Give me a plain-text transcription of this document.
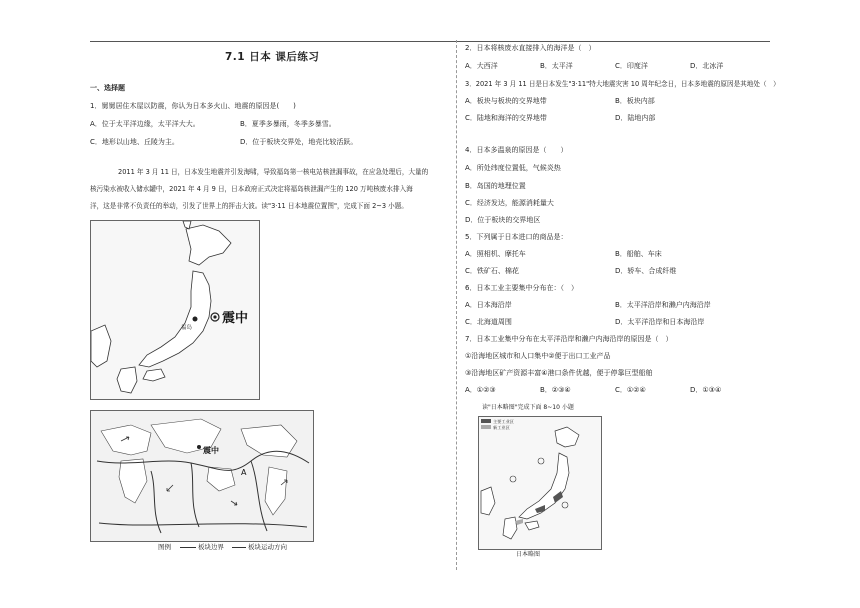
7.1 日本 课后练习
一、选择题
1．舅舅居住木屋以防震，你认为日本多火山、地震的原因是(　　)
A．位于太平洋边缘，太平洋大大。	B．夏季多暴雨，冬季多暴雪。
C．地形以山地、丘陵为主。	D．位于板块交界处，地壳比较活跃。
2011 年 3 月 11 日，日本发生地震并引发海啸，导致福岛第一核电站核泄漏事故，在应急处理后，大量的
核污染水被收入储水罐中，2021 年 4 月 9 日，日本政府正式决定将福岛核泄漏产生的 120 万吨核废水排入海
洋，这是非常不负责任的举动，引发了世界上的抨击大波。读"3·11 日本地震位置图"，完成下面 2~3 小题。
福岛
震中
震中
A
图例	板块边界	板块运动方向
2．日本将核废水直接排入的海洋是（　）
A．大西洋	B．太平洋	C．印度洋	D．北冰洋
3．2021 年 3 月 11 日是日本发生"3·11"特大地震灾害 10 周年纪念日，日本多地震的原因是其地处（　）
A．板块与板块的交界地带	B．板块内部
C．陆地和海洋的交界地带	D．陆地内部
4．日本多温泉的原因是（　　）
A．所处纬度位置低，气候炎热
B．岛国的地理位置
C．经济发达，能源消耗量大
D．位于板块的交界地区
5．下列属于日本进口的商品是：
A．照相机、摩托车	B．船舶、车床
C．铁矿石、棉花	D．轿车、合成纤维
6．日本工业主要集中分布在：（　）
A．日本海沿岸	B．太平洋沿岸和濑户内海沿岸
C．北海道周围	D．太平洋沿岸和日本海沿岸
7．日本工业集中分布在太平洋沿岸和濑户内海沿岸的原因是（　）
①沿海地区城市和人口集中②便于出口工业产品
③沿海地区矿产资源丰富④港口条件优越，便于停靠巨型船舶
A．①②③	B．②③④	C．①②④	D．①③④
读"日本略图"完成下面 8~10 小题
主要工业区
新工业区
日本略图
